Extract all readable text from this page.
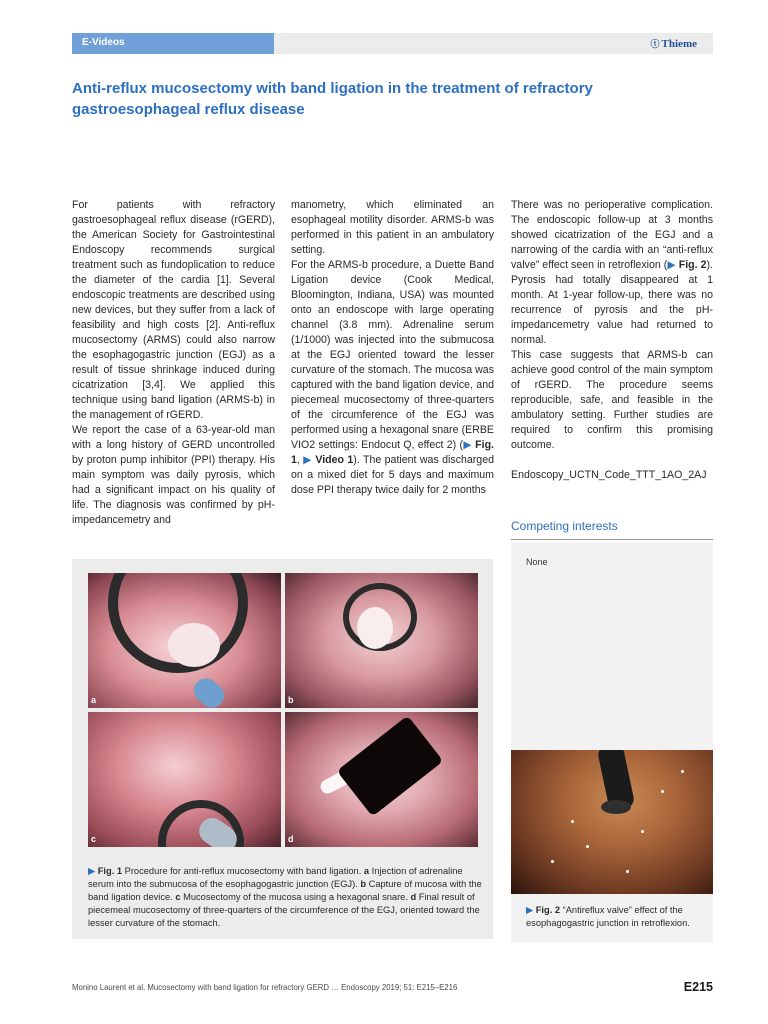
E-Videos	ⓣ Thieme
Anti-reflux mucosectomy with band ligation in the treatment of refractory gastroesophageal reflux disease

For patients with refractory gastroesophageal reflux disease (rGERD), the American Society for Gastrointestinal Endoscopy recommends surgical treatment such as fundoplication to reduce the diameter of the cardia [1]. Several endoscopic treatments are described using new devices, but they suffer from a lack of feasibility and high costs [2]. Anti-reflux mucosectomy (ARMS) could also narrow the esophagogastric junction (EGJ) as a result of tissue shrinkage induced during cicatrization [3,4]. We applied this technique using band ligation (ARMS-b) in the management of rGERD.

We report the case of a 63-year-old man with a long history of GERD uncontrolled by proton pump inhibitor (PPI) therapy. His main symptom was daily pyrosis, which had a significant impact on his quality of life. The diagnosis was confirmed by pH-impedancemetry and

manometry, which eliminated an esophageal motility disorder. ARMS-b was performed in this patient in an ambulatory setting.

For the ARMS-b procedure, a Duette Band Ligation device (Cook Medical, Bloomington, Indiana, USA) was mounted onto an endoscope with large operating channel (3.8 mm). Adrenaline serum (1/1000) was injected into the submucosa at the EGJ oriented toward the lesser curvature of the stomach. The mucosa was captured with the band ligation device, and piecemeal mucosectomy of three-quarters of the circumference of the EGJ was performed using a hexagonal snare (ERBE VIO2 settings: Endocut Q, effect 2) (▶ Fig. 1, ▶ Video 1). The patient was discharged on a mixed diet for 5 days and maximum dose PPI therapy twice daily for 2 months

There was no perioperative complication. The endoscopic follow-up at 3 months showed cicatrization of the EGJ and a narrowing of the cardia with an “anti-reflux valve” effect seen in retroflexion (▶ Fig. 2). Pyrosis had totally disappeared at 1 month. At 1-year follow-up, there was no recurrence of pyrosis and the pH-impedancemetry value had returned to normal.

This case suggests that ARMS-b can achieve good control of the main symptom of rGERD. The procedure seems reproducible, safe, and feasible in the ambulatory setting. Further studies are required to confirm this promising outcome.

Endoscopy_UCTN_Code_TTT_1AO_2AJ

Competing interests
None
a	b
c	d
▶ Fig. 1 Procedure for anti-reflux mucosectomy with band ligation. a Injection of adrenaline serum into the submucosa of the esophagogastric junction (EGJ). b Capture of mucosa with the band ligation device. c Mucosectomy of the mucosa using a hexagonal snare. d Final result of piecemeal mucosectomy of three-quarters of the circumference of the EGJ, oriented toward the lesser curvature of the stomach.
▶ Fig. 2 “Antireflux valve” effect of the esophagogastric junction in retroflexion.
Monino Laurent et al. Mucosectomy with band ligation for refractory GERD … Endoscopy 2019; 51: E215–E216	E215
